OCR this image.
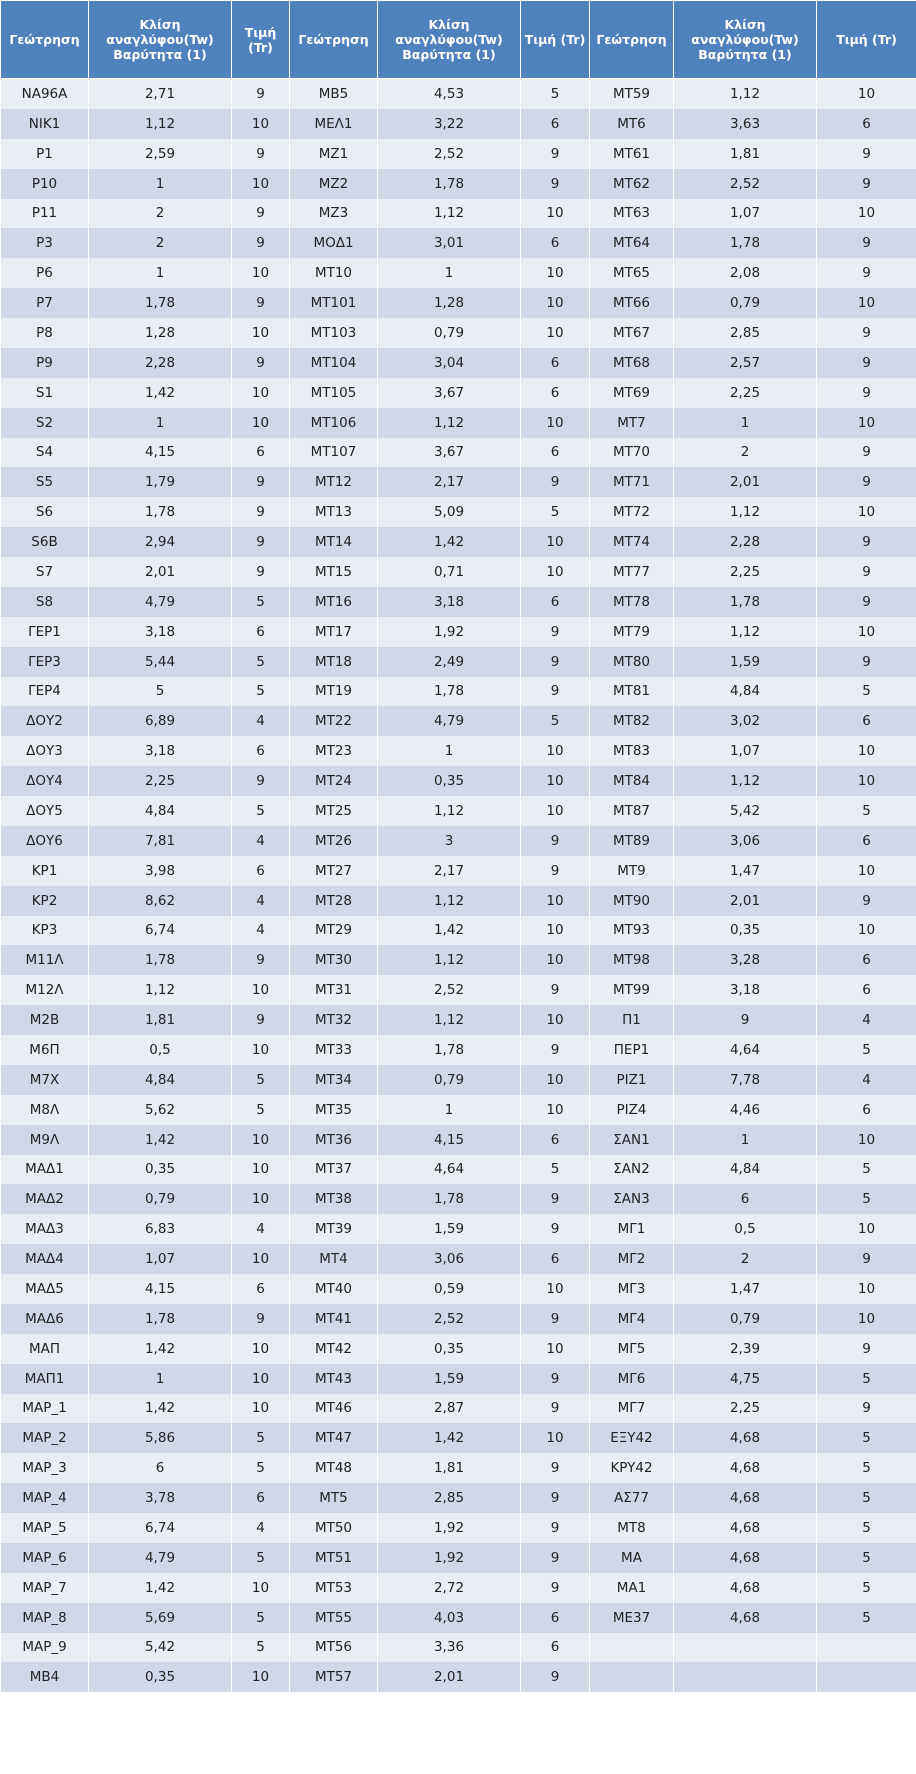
Γεώτρηση	Κλίση αναγλύφου(Tw) Βαρύτητα (1)	Τιμή (Tr)	Γεώτρηση	Κλίση αναγλύφου(Tw) Βαρύτητα (1)	Τιμή (Tr)	Γεώτρηση	Κλίση αναγλύφου(Tw) Βαρύτητα (1)	Τιμή (Tr)
NA96A	2,71	9	MB5	4,53	5	MT59	1,12	10
NIK1	1,12	10	ΜΕΛ1	3,22	6	MT6	3,63	6
P1	2,59	9	MZ1	2,52	9	MT61	1,81	9
P10	1	10	MZ2	1,78	9	MT62	2,52	9
P11	2	9	MZ3	1,12	10	MT63	1,07	10
P3	2	9	ΜΟΔ1	3,01	6	MT64	1,78	9
P6	1	10	MT10	1	10	MT65	2,08	9
P7	1,78	9	MT101	1,28	10	MT66	0,79	10
P8	1,28	10	MT103	0,79	10	MT67	2,85	9
P9	2,28	9	MT104	3,04	6	MT68	2,57	9
S1	1,42	10	MT105	3,67	6	MT69	2,25	9
S2	1	10	MT106	1,12	10	MT7	1	10
S4	4,15	6	MT107	3,67	6	MT70	2	9
S5	1,79	9	MT12	2,17	9	MT71	2,01	9
S6	1,78	9	MT13	5,09	5	MT72	1,12	10
S6B	2,94	9	MT14	1,42	10	MT74	2,28	9
S7	2,01	9	MT15	0,71	10	MT77	2,25	9
S8	4,79	5	MT16	3,18	6	MT78	1,78	9
ΓΕΡ1	3,18	6	MT17	1,92	9	MT79	1,12	10
ΓΕΡ3	5,44	5	MT18	2,49	9	MT80	1,59	9
ΓΕΡ4	5	5	MT19	1,78	9	MT81	4,84	5
ΔΟΥ2	6,89	4	MT22	4,79	5	MT82	3,02	6
ΔΟΥ3	3,18	6	MT23	1	10	MT83	1,07	10
ΔΟΥ4	2,25	9	MT24	0,35	10	MT84	1,12	10
ΔΟΥ5	4,84	5	MT25	1,12	10	MT87	5,42	5
ΔΟΥ6	7,81	4	MT26	3	9	MT89	3,06	6
KP1	3,98	6	MT27	2,17	9	MT9	1,47	10
KP2	8,62	4	MT28	1,12	10	MT90	2,01	9
KP3	6,74	4	MT29	1,42	10	MT93	0,35	10
M11Λ	1,78	9	MT30	1,12	10	MT98	3,28	6
M12Λ	1,12	10	MT31	2,52	9	MT99	3,18	6
M2B	1,81	9	MT32	1,12	10	Π1	9	4
M6Π	0,5	10	MT33	1,78	9	ΠΕΡ1	4,64	5
M7X	4,84	5	MT34	0,79	10	PIZ1	7,78	4
M8Λ	5,62	5	MT35	1	10	PIZ4	4,46	6
M9Λ	1,42	10	MT36	4,15	6	ΣΑΝ1	1	10
ΜΑΔ1	0,35	10	MT37	4,64	5	ΣΑΝ2	4,84	5
ΜΑΔ2	0,79	10	MT38	1,78	9	ΣΑΝ3	6	5
ΜΑΔ3	6,83	4	MT39	1,59	9	ΜΓ1	0,5	10
ΜΑΔ4	1,07	10	MT4	3,06	6	ΜΓ2	2	9
ΜΑΔ5	4,15	6	MT40	0,59	10	ΜΓ3	1,47	10
ΜΑΔ6	1,78	9	MT41	2,52	9	ΜΓ4	0,79	10
ΜΑΠ	1,42	10	MT42	0,35	10	ΜΓ5	2,39	9
ΜΑΠ1	1	10	MT43	1,59	9	ΜΓ6	4,75	5
MAP_1	1,42	10	MT46	2,87	9	ΜΓ7	2,25	9
MAP_2	5,86	5	MT47	1,42	10	ΕΞΥ42	4,68	5
MAP_3	6	5	MT48	1,81	9	KPY42	4,68	5
MAP_4	3,78	6	MT5	2,85	9	ΑΣ77	4,68	5
MAP_5	6,74	4	MT50	1,92	9	MT8	4,68	5
MAP_6	4,79	5	MT51	1,92	9	MA	4,68	5
MAP_7	1,42	10	MT53	2,72	9	MA1	4,68	5
MAP_8	5,69	5	MT55	4,03	6	ME37	4,68	5
MAP_9	5,42	5	MT56	3,36	6			
MB4	0,35	10	MT57	2,01	9			
